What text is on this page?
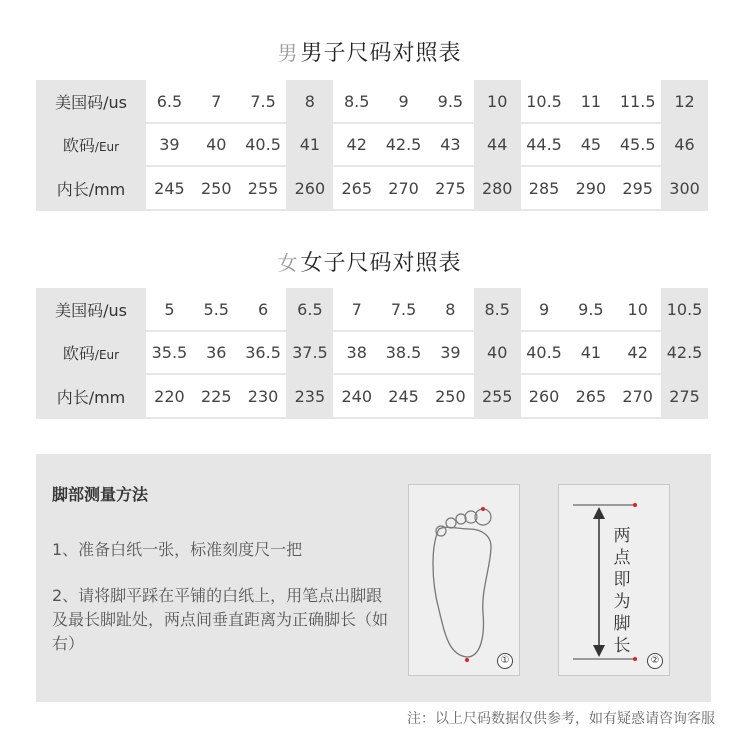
男男子尺码对照表
美国码/us	6.5	7	7.5	8	8.5	9	9.5	10	10.5	11	11.5	12
欧码/Eur	39	40	40.5	41	42	42.5	43	44	44.5	45	45.5	46
内长/mm	245	250	255	260	265	270	275	280	285	290	295	300
女女子尺码对照表
美国码/us	5	5.5	6	6.5	7	7.5	8	8.5	9	9.5	10	10.5
欧码/Eur	35.5	36	36.5	37.5	38	38.5	39	40	40.5	41	42	42.5
内长/mm	220	225	230	235	240	245	250	255	260	265	270	275
脚部测量方法
1、准备白纸一张，标准刻度尺一把
2、请将脚平踩在平铺的白纸上，用笔点出脚跟及最长脚趾处，两点间垂直距离为正确脚长（如右）
①
两点即为脚长
②
注：以上尺码数据仅供参考，如有疑惑请咨询客服
